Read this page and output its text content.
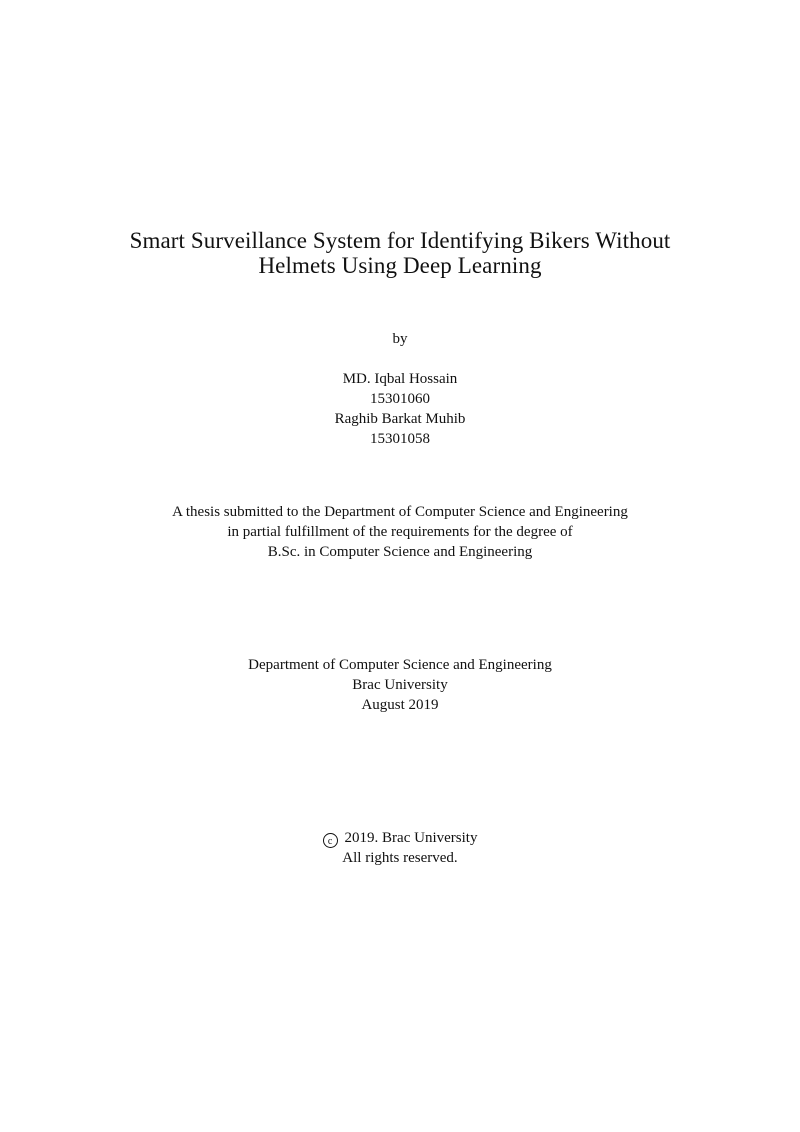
Smart Surveillance System for Identifying Bikers Without
Helmets Using Deep Learning
by
MD. Iqbal Hossain
15301060
Raghib Barkat Muhib
15301058
A thesis submitted to the Department of Computer Science and Engineering
in partial fulfillment of the requirements for the degree of
B.Sc. in Computer Science and Engineering
Department of Computer Science and Engineering
Brac University
August 2019
c 2019. Brac University
All rights reserved.
